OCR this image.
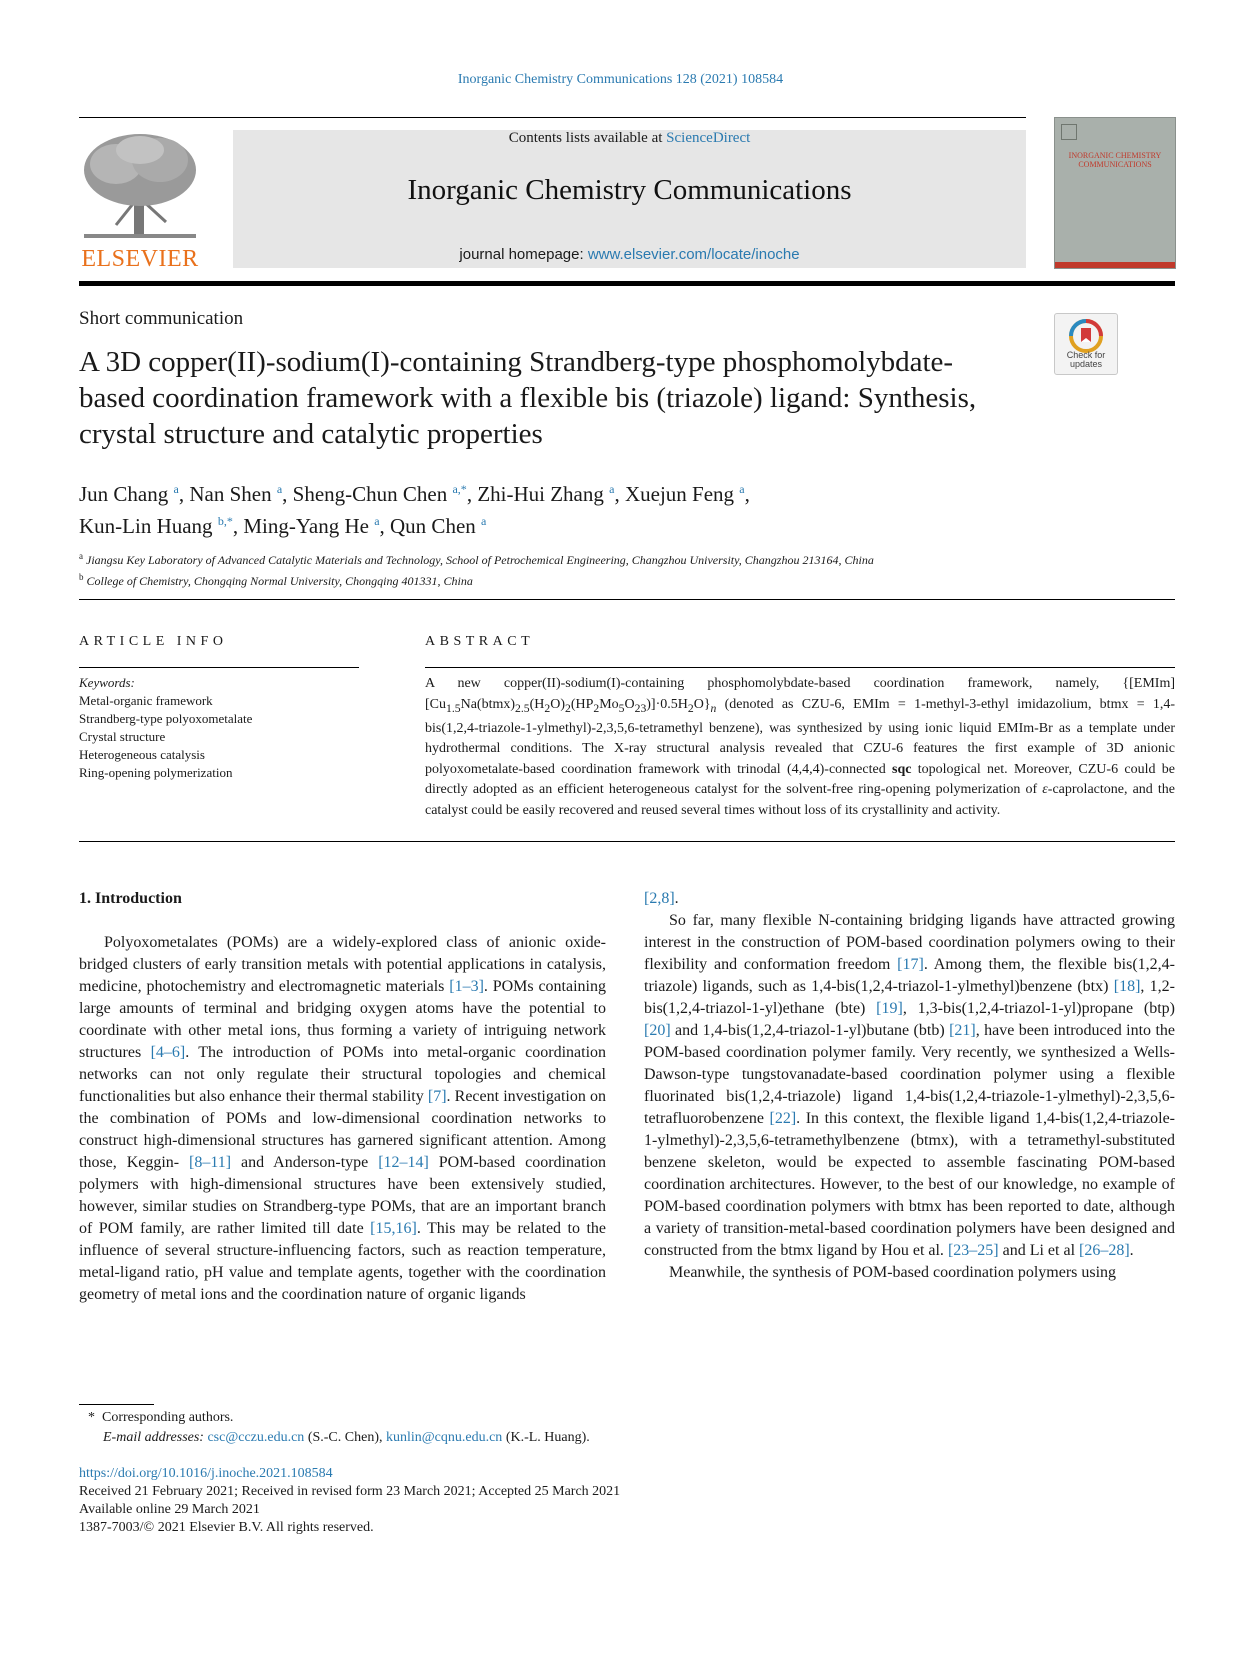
Inorganic Chemistry Communications 128 (2021) 108584
ELSEVIER
Contents lists available at ScienceDirect
Inorganic Chemistry Communications
journal homepage: www.elsevier.com/locate/inoche
INORGANIC CHEMISTRY COMMUNICATIONS
Short communication
Check for updates
A 3D copper(II)-sodium(I)-containing Strandberg-type phosphomolybdate-based coordination framework with a flexible bis (triazole) ligand: Synthesis, crystal structure and catalytic properties
Jun Chang $^a$, Nan Shen $^a$, Sheng-Chun Chen $^{a,*}$, Zhi-Hui Zhang $^a$, Xuejun Feng $^a$,
Kun-Lin Huang $^{b,*}$, Ming-Yang He $^a$, Qun Chen $^a$
$^a$ Jiangsu Key Laboratory of Advanced Catalytic Materials and Technology, School of Petrochemical Engineering, Changzhou University, Changzhou 213164, China
$^b$ College of Chemistry, Chongqing Normal University, Chongqing 401331, China
ARTICLE INFO	ABSTRACT
Keywords:
Metal-organic framework
Strandberg-type polyoxometalate
Crystal structure
Heterogeneous catalysis
Ring-opening polymerization
A new copper(II)-sodium(I)-containing phosphomolybdate-based coordination framework, namely, $\{[EMIm][Cu_{1.5}Na(btmx)_{2.5}(H_2O)_2(HP_2Mo_5O_{23})]\cdot 0.5H_2O\}_n$ (denoted as CZU-6, EMIm = 1-methyl-3-ethyl imidazolium, btmx = 1,4-bis(1,2,4-triazole-1-ylmethyl)-2,3,5,6-tetramethyl benzene), was synthesized by using ionic liquid EMIm-Br as a template under hydrothermal conditions. The X-ray structural analysis revealed that CZU-6 features the first example of 3D anionic polyoxometalate-based coordination framework with trinodal (4,4,4)-connected sqc topological net. Moreover, CZU-6 could be directly adopted as an efficient heterogeneous catalyst for the solvent-free ring-opening polymerization of ε-caprolactone, and the catalyst could be easily recovered and reused several times without loss of its crystallinity and activity.
1. Introduction

Polyoxometalates (POMs) are a widely-explored class of anionic oxide-bridged clusters of early transition metals with potential applications in catalysis, medicine, photochemistry and electromagnetic materials [1–3]. POMs containing large amounts of terminal and bridging oxygen atoms have the potential to coordinate with other metal ions, thus forming a variety of intriguing network structures [4–6]. The introduction of POMs into metal-organic coordination networks can not only regulate their structural topologies and chemical functionalities but also enhance their thermal stability [7]. Recent investigation on the combination of POMs and low-dimensional coordination networks to construct high-dimensional structures has garnered significant attention. Among those, Keggin- [8–11] and Anderson-type [12–14] POM-based coordination polymers with high-dimensional structures have been extensively studied, however, similar studies on Strandberg-type POMs, that are an important branch of POM family, are rather limited till date [15,16]. This may be related to the influence of several structure-influencing factors, such as reaction temperature, metal-ligand ratio, pH value and template agents, together with the coordination geometry of metal ions and the coordination nature of organic ligands

[2,8].

So far, many flexible N-containing bridging ligands have attracted growing interest in the construction of POM-based coordination polymers owing to their flexibility and conformation freedom [17]. Among them, the flexible bis(1,2,4-triazole) ligands, such as 1,4-bis(1,2,4-triazol-1-ylmethyl)benzene (btx) [18], 1,2-bis(1,2,4-triazol-1-yl)ethane (bte) [19], 1,3-bis(1,2,4-triazol-1-yl)propane (btp) [20] and 1,4-bis(1,2,4-triazol-1-yl)butane (btb) [21], have been introduced into the POM-based coordination polymer family. Very recently, we synthesized a Wells-Dawson-type tungstovanadate-based coordination polymer using a flexible fluorinated bis(1,2,4-triazole) ligand 1,4-bis(1,2,4-triazole-1-ylmethyl)-2,3,5,6-tetrafluorobenzene [22]. In this context, the flexible ligand 1,4-bis(1,2,4-triazole-1-ylmethyl)-2,3,5,6-tetramethylbenzene (btmx), with a tetramethyl-substituted benzene skeleton, would be expected to assemble fascinating POM-based coordination architectures. However, to the best of our knowledge, no example of POM-based coordination polymers with btmx has been reported to date, although a variety of transition-metal-based coordination polymers have been designed and constructed from the btmx ligand by Hou et al. [23–25] and Li et al [26–28].

Meanwhile, the synthesis of POM-based coordination polymers using

*  Corresponding authors.
E-mail addresses: csc@cczu.edu.cn (S.-C. Chen), kunlin@cqnu.edu.cn (K.-L. Huang).
https://doi.org/10.1016/j.inoche.2021.108584
Received 21 February 2021; Received in revised form 23 March 2021; Accepted 25 March 2021
Available online 29 March 2021
1387-7003/© 2021 Elsevier B.V. All rights reserved.
